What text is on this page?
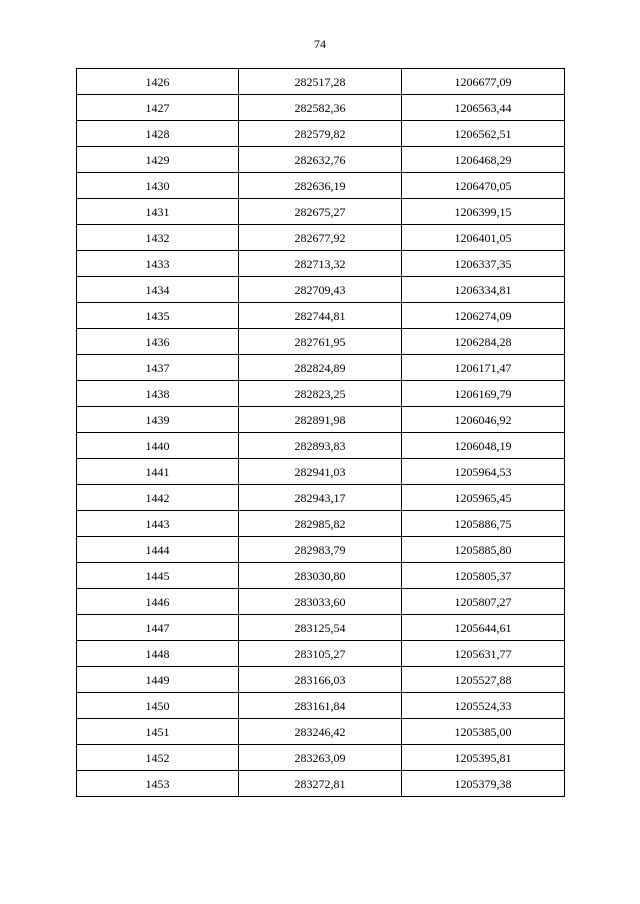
74
1426	282517,28	1206677,09
1427	282582,36	1206563,44
1428	282579,82	1206562,51
1429	282632,76	1206468,29
1430	282636,19	1206470,05
1431	282675,27	1206399,15
1432	282677,92	1206401,05
1433	282713,32	1206337,35
1434	282709,43	1206334,81
1435	282744,81	1206274,09
1436	282761,95	1206284,28
1437	282824,89	1206171,47
1438	282823,25	1206169,79
1439	282891,98	1206046,92
1440	282893,83	1206048,19
1441	282941,03	1205964,53
1442	282943,17	1205965,45
1443	282985,82	1205886,75
1444	282983,79	1205885,80
1445	283030,80	1205805,37
1446	283033,60	1205807,27
1447	283125,54	1205644,61
1448	283105,27	1205631,77
1449	283166,03	1205527,88
1450	283161,84	1205524,33
1451	283246,42	1205385,00
1452	283263,09	1205395,81
1453	283272,81	1205379,38
